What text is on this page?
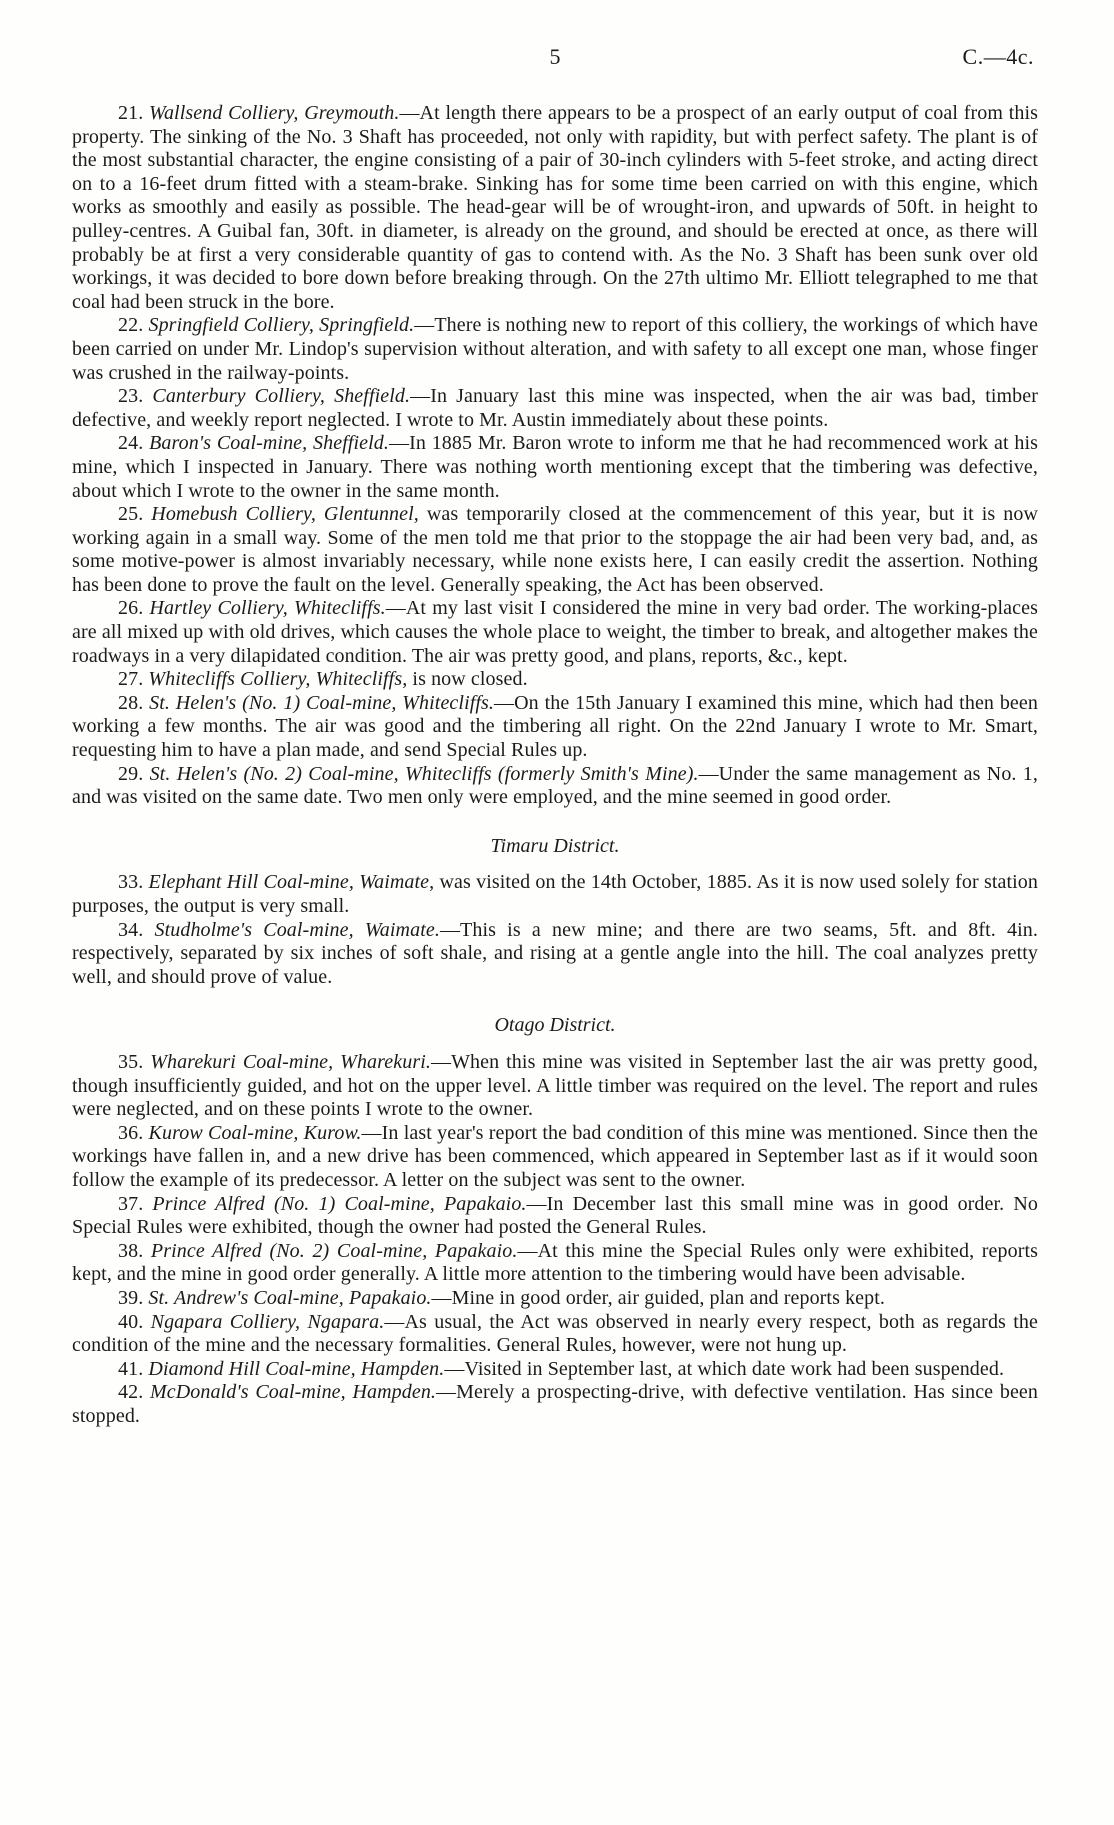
5	C.—4c.

21. Wallsend Colliery, Greymouth.—At length there appears to be a prospect of an early output of coal from this property. The sinking of the No. 3 Shaft has proceeded, not only with rapidity, but with perfect safety. The plant is of the most substantial character, the engine consisting of a pair of 30-inch cylinders with 5-feet stroke, and acting direct on to a 16-feet drum fitted with a steam-brake. Sinking has for some time been carried on with this engine, which works as smoothly and easily as possible. The head-gear will be of wrought-iron, and upwards of 50ft. in height to pulley-centres. A Guibal fan, 30ft. in diameter, is already on the ground, and should be erected at once, as there will probably be at first a very considerable quantity of gas to contend with. As the No. 3 Shaft has been sunk over old workings, it was decided to bore down before breaking through. On the 27th ultimo Mr. Elliott telegraphed to me that coal had been struck in the bore.

22. Springfield Colliery, Springfield.—There is nothing new to report of this colliery, the workings of which have been carried on under Mr. Lindop's supervision without alteration, and with safety to all except one man, whose finger was crushed in the railway-points.

23. Canterbury Colliery, Sheffield.—In January last this mine was inspected, when the air was bad, timber defective, and weekly report neglected. I wrote to Mr. Austin immediately about these points.

24. Baron's Coal-mine, Sheffield.—In 1885 Mr. Baron wrote to inform me that he had recommenced work at his mine, which I inspected in January. There was nothing worth mentioning except that the timbering was defective, about which I wrote to the owner in the same month.

25. Homebush Colliery, Glentunnel, was temporarily closed at the commencement of this year, but it is now working again in a small way. Some of the men told me that prior to the stoppage the air had been very bad, and, as some motive-power is almost invariably necessary, while none exists here, I can easily credit the assertion. Nothing has been done to prove the fault on the level. Generally speaking, the Act has been observed.

26. Hartley Colliery, Whitecliffs.—At my last visit I considered the mine in very bad order. The working-places are all mixed up with old drives, which causes the whole place to weight, the timber to break, and altogether makes the roadways in a very dilapidated condition. The air was pretty good, and plans, reports, &c., kept.

27. Whitecliffs Colliery, Whitecliffs, is now closed.

28. St. Helen's (No. 1) Coal-mine, Whitecliffs.—On the 15th January I examined this mine, which had then been working a few months. The air was good and the timbering all right. On the 22nd January I wrote to Mr. Smart, requesting him to have a plan made, and send Special Rules up.

29. St. Helen's (No. 2) Coal-mine, Whitecliffs (formerly Smith's Mine).—Under the same management as No. 1, and was visited on the same date. Two men only were employed, and the mine seemed in good order.

Timaru District.

33. Elephant Hill Coal-mine, Waimate, was visited on the 14th October, 1885. As it is now used solely for station purposes, the output is very small.

34. Studholme's Coal-mine, Waimate.—This is a new mine; and there are two seams, 5ft. and 8ft. 4in. respectively, separated by six inches of soft shale, and rising at a gentle angle into the hill. The coal analyzes pretty well, and should prove of value.

Otago District.

35. Wharekuri Coal-mine, Wharekuri.—When this mine was visited in September last the air was pretty good, though insufficiently guided, and hot on the upper level. A little timber was required on the level. The report and rules were neglected, and on these points I wrote to the owner.

36. Kurow Coal-mine, Kurow.—In last year's report the bad condition of this mine was mentioned. Since then the workings have fallen in, and a new drive has been commenced, which appeared in September last as if it would soon follow the example of its predecessor. A letter on the subject was sent to the owner.

37. Prince Alfred (No. 1) Coal-mine, Papakaio.—In December last this small mine was in good order. No Special Rules were exhibited, though the owner had posted the General Rules.

38. Prince Alfred (No. 2) Coal-mine, Papakaio.—At this mine the Special Rules only were exhibited, reports kept, and the mine in good order generally. A little more attention to the timbering would have been advisable.

39. St. Andrew's Coal-mine, Papakaio.—Mine in good order, air guided, plan and reports kept.

40. Ngapara Colliery, Ngapara.—As usual, the Act was observed in nearly every respect, both as regards the condition of the mine and the necessary formalities. General Rules, however, were not hung up.

41. Diamond Hill Coal-mine, Hampden.—Visited in September last, at which date work had been suspended.

42. McDonald's Coal-mine, Hampden.—Merely a prospecting-drive, with defective ventilation. Has since been stopped.
